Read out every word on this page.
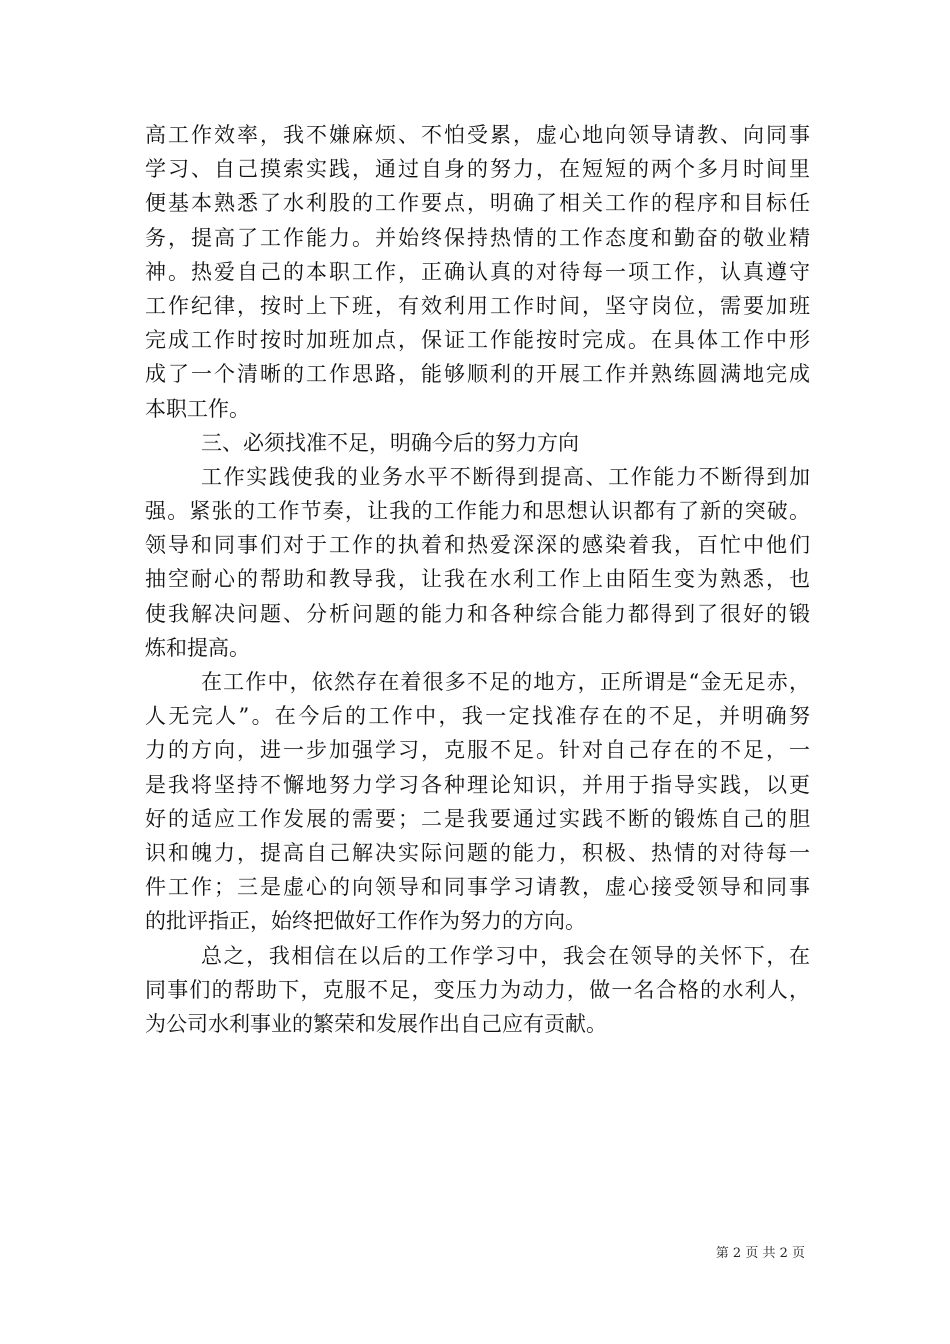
高工作效率，我不嫌麻烦、不怕受累，虚心地向领导请教、向同事
学习、自己摸索实践，通过自身的努力，在短短的两个多月时间里
便基本熟悉了水利股的工作要点，明确了相关工作的程序和目标任
务，提高了工作能力。并始终保持热情的工作态度和勤奋的敬业精
神。热爱自己的本职工作，正确认真的对待每一项工作，认真遵守
工作纪律，按时上下班，有效利用工作时间，坚守岗位，需要加班
完成工作时按时加班加点，保证工作能按时完成。在具体工作中形
成了一个清晰的工作思路，能够顺利的开展工作并熟练圆满地完成
本职工作。
三、必须找准不足，明确今后的努力方向
工作实践使我的业务水平不断得到提高、工作能力不断得到加
强。紧张的工作节奏，让我的工作能力和思想认识都有了新的突破。
领导和同事们对于工作的执着和热爱深深的感染着我，百忙中他们
抽空耐心的帮助和教导我，让我在水利工作上由陌生变为熟悉，也
使我解决问题、分析问题的能力和各种综合能力都得到了很好的锻
炼和提高。
在工作中，依然存在着很多不足的地方，正所谓是“金无足赤，
人无完人”。在今后的工作中，我一定找准存在的不足，并明确努
力的方向，进一步加强学习，克服不足。针对自己存在的不足，一
是我将坚持不懈地努力学习各种理论知识，并用于指导实践，以更
好的适应工作发展的需要；二是我要通过实践不断的锻炼自己的胆
识和魄力，提高自己解决实际问题的能力，积极、热情的对待每一
件工作；三是虚心的向领导和同事学习请教，虚心接受领导和同事
的批评指正，始终把做好工作作为努力的方向。
总之，我相信在以后的工作学习中，我会在领导的关怀下，在
同事们的帮助下，克服不足，变压力为动力，做一名合格的水利人，
为公司水利事业的繁荣和发展作出自己应有贡献。
第 2 页 共 2 页
